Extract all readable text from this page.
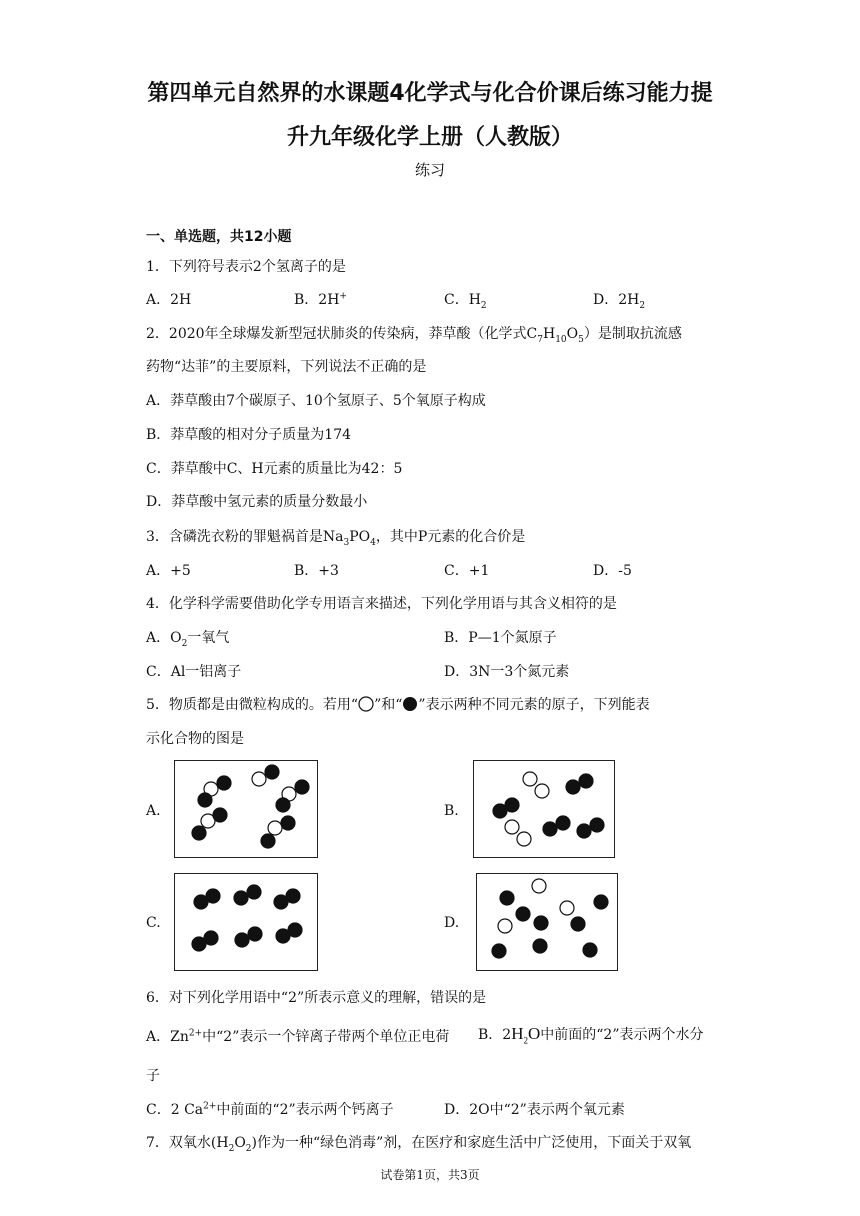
第四单元自然界的水课题4化学式与化合价课后练习能力提
升九年级化学上册（人教版）
练习
一、单选题，共12小题
1．下列符号表示2个氢离子的是
A．2H	B．2H+	C．$H_2$	D．$2H_2$
2．2020年全球爆发新型冠状肺炎的传染病，莽草酸（化学式$C_7H_{10}O_5$）是制取抗流感
药物“达菲”的主要原料，下列说法不正确的是
A．莽草酸由7个碳原子、10个氢原子、5个氧原子构成
B．莽草酸的相对分子质量为174
C．莽草酸中C、H元素的质量比为42：5
D．莽草酸中氢元素的质量分数最小
3．含磷洗衣粉的罪魁祸首是$Na_3PO_4$，其中P元素的化合价是
A．+5	B．+3	C．+1	D．-5
4．化学科学需要借助化学专用语言来描述，下列化学用语与其含义相符的是
A．$O_2$一氧气	B．P—1个氮原子
C．Al一铝离子	D．3N一3个氮元素
5．物质都是由微粒构成的。若用“ ”和“ ”表示两种不同元素的原子，下列能表
示化合物的图是
A.	B.
C.	D.
6．对下列化学用语中“2”所表示意义的理解，错误的是
A．$Zn^{2+}$中“2”表示一个锌离子带两个单位正电荷 B．$2H_2O$中前面的“2”表示两个水分
子
C．2 $Ca^{2+}$中前面的“2”表示两个钙离子	D．2O中“2”表示两个氧元素
7．双氧水$(H_2O_2)$作为一种“绿色消毒”剂，在医疗和家庭生活中广泛使用，下面关于双氧
试卷第1页，共3页
